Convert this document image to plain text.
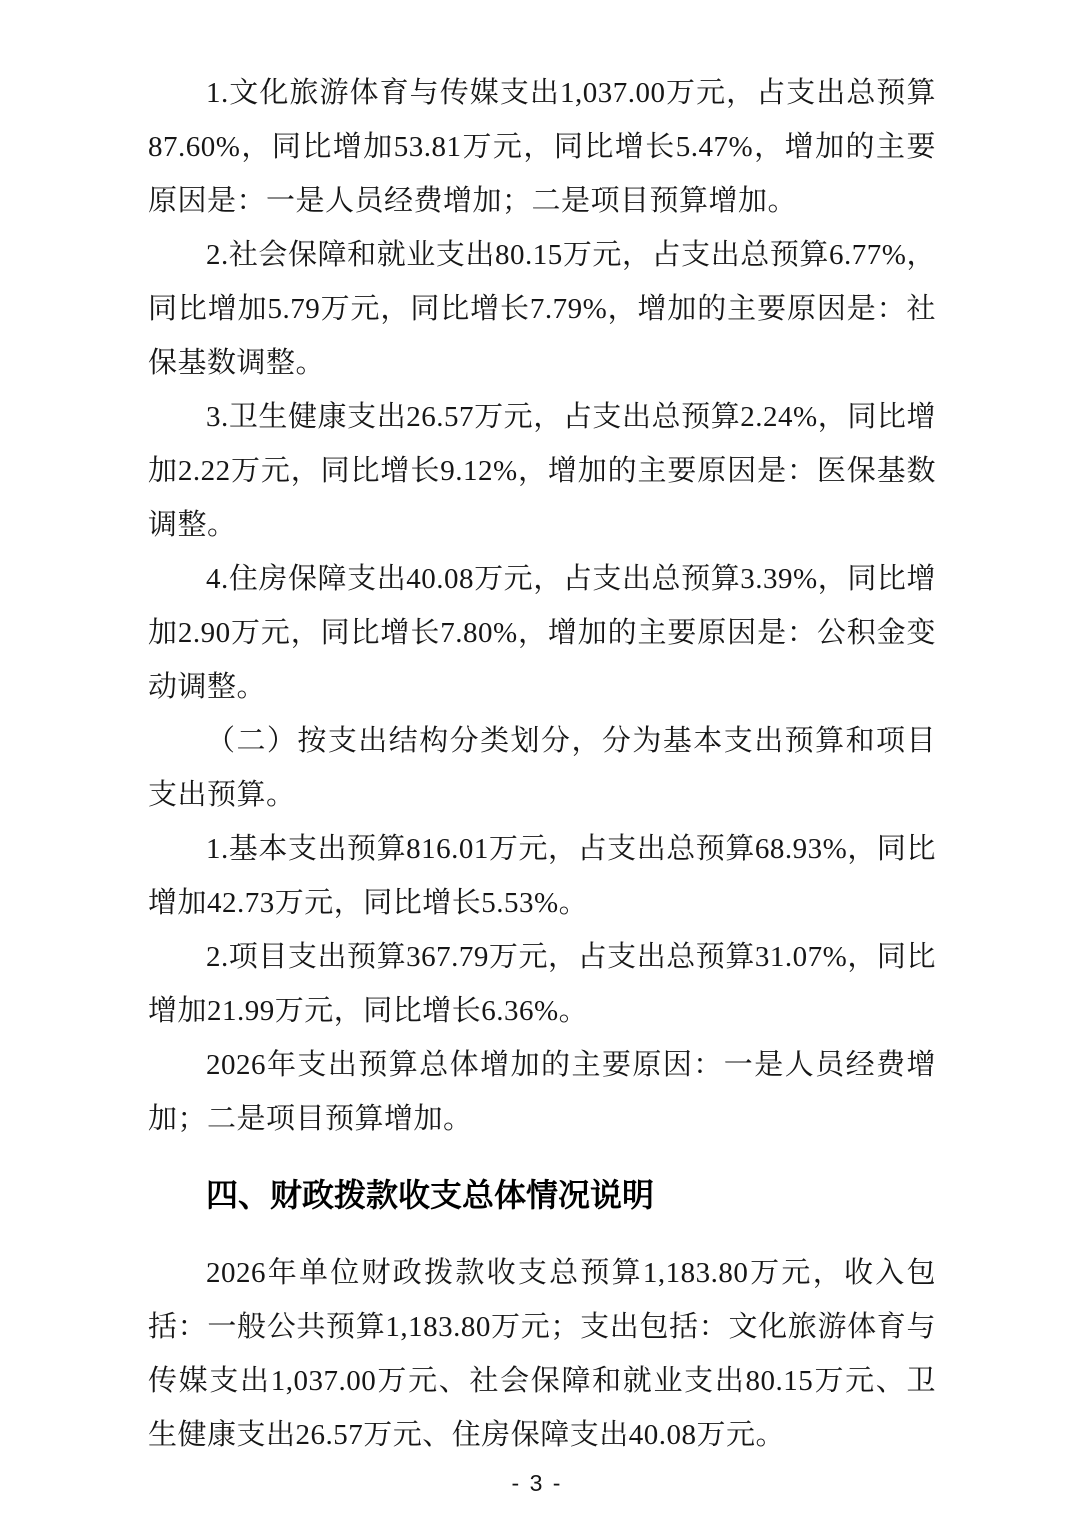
1.文化旅游体育与传媒支出1,037.00万元，占支出总预算87.60%，同比增加53.81万元，同比增长5.47%，增加的主要原因是：一是人员经费增加；二是项目预算增加。

2.社会保障和就业支出80.15万元，占支出总预算6.77%，同比增加5.79万元，同比增长7.79%，增加的主要原因是：社保基数调整。

3.卫生健康支出26.57万元，占支出总预算2.24%，同比增加2.22万元，同比增长9.12%，增加的主要原因是：医保基数调整。

4.住房保障支出40.08万元，占支出总预算3.39%，同比增加2.90万元，同比增长7.80%，增加的主要原因是：公积金变动调整。

（二）按支出结构分类划分，分为基本支出预算和项目支出预算。

1.基本支出预算816.01万元，占支出总预算68.93%，同比增加42.73万元，同比增长5.53%。

2.项目支出预算367.79万元，占支出总预算31.07%，同比增加21.99万元，同比增长6.36%。

2026年支出预算总体增加的主要原因：一是人员经费增加；二是项目预算增加。

四、财政拨款收支总体情况说明

2026年单位财政拨款收支总预算1,183.80万元，收入包括：一般公共预算1,183.80万元；支出包括：文化旅游体育与传媒支出1,037.00万元、社会保障和就业支出80.15万元、卫生健康支出26.57万元、住房保障支出40.08万元。

- 3 -
